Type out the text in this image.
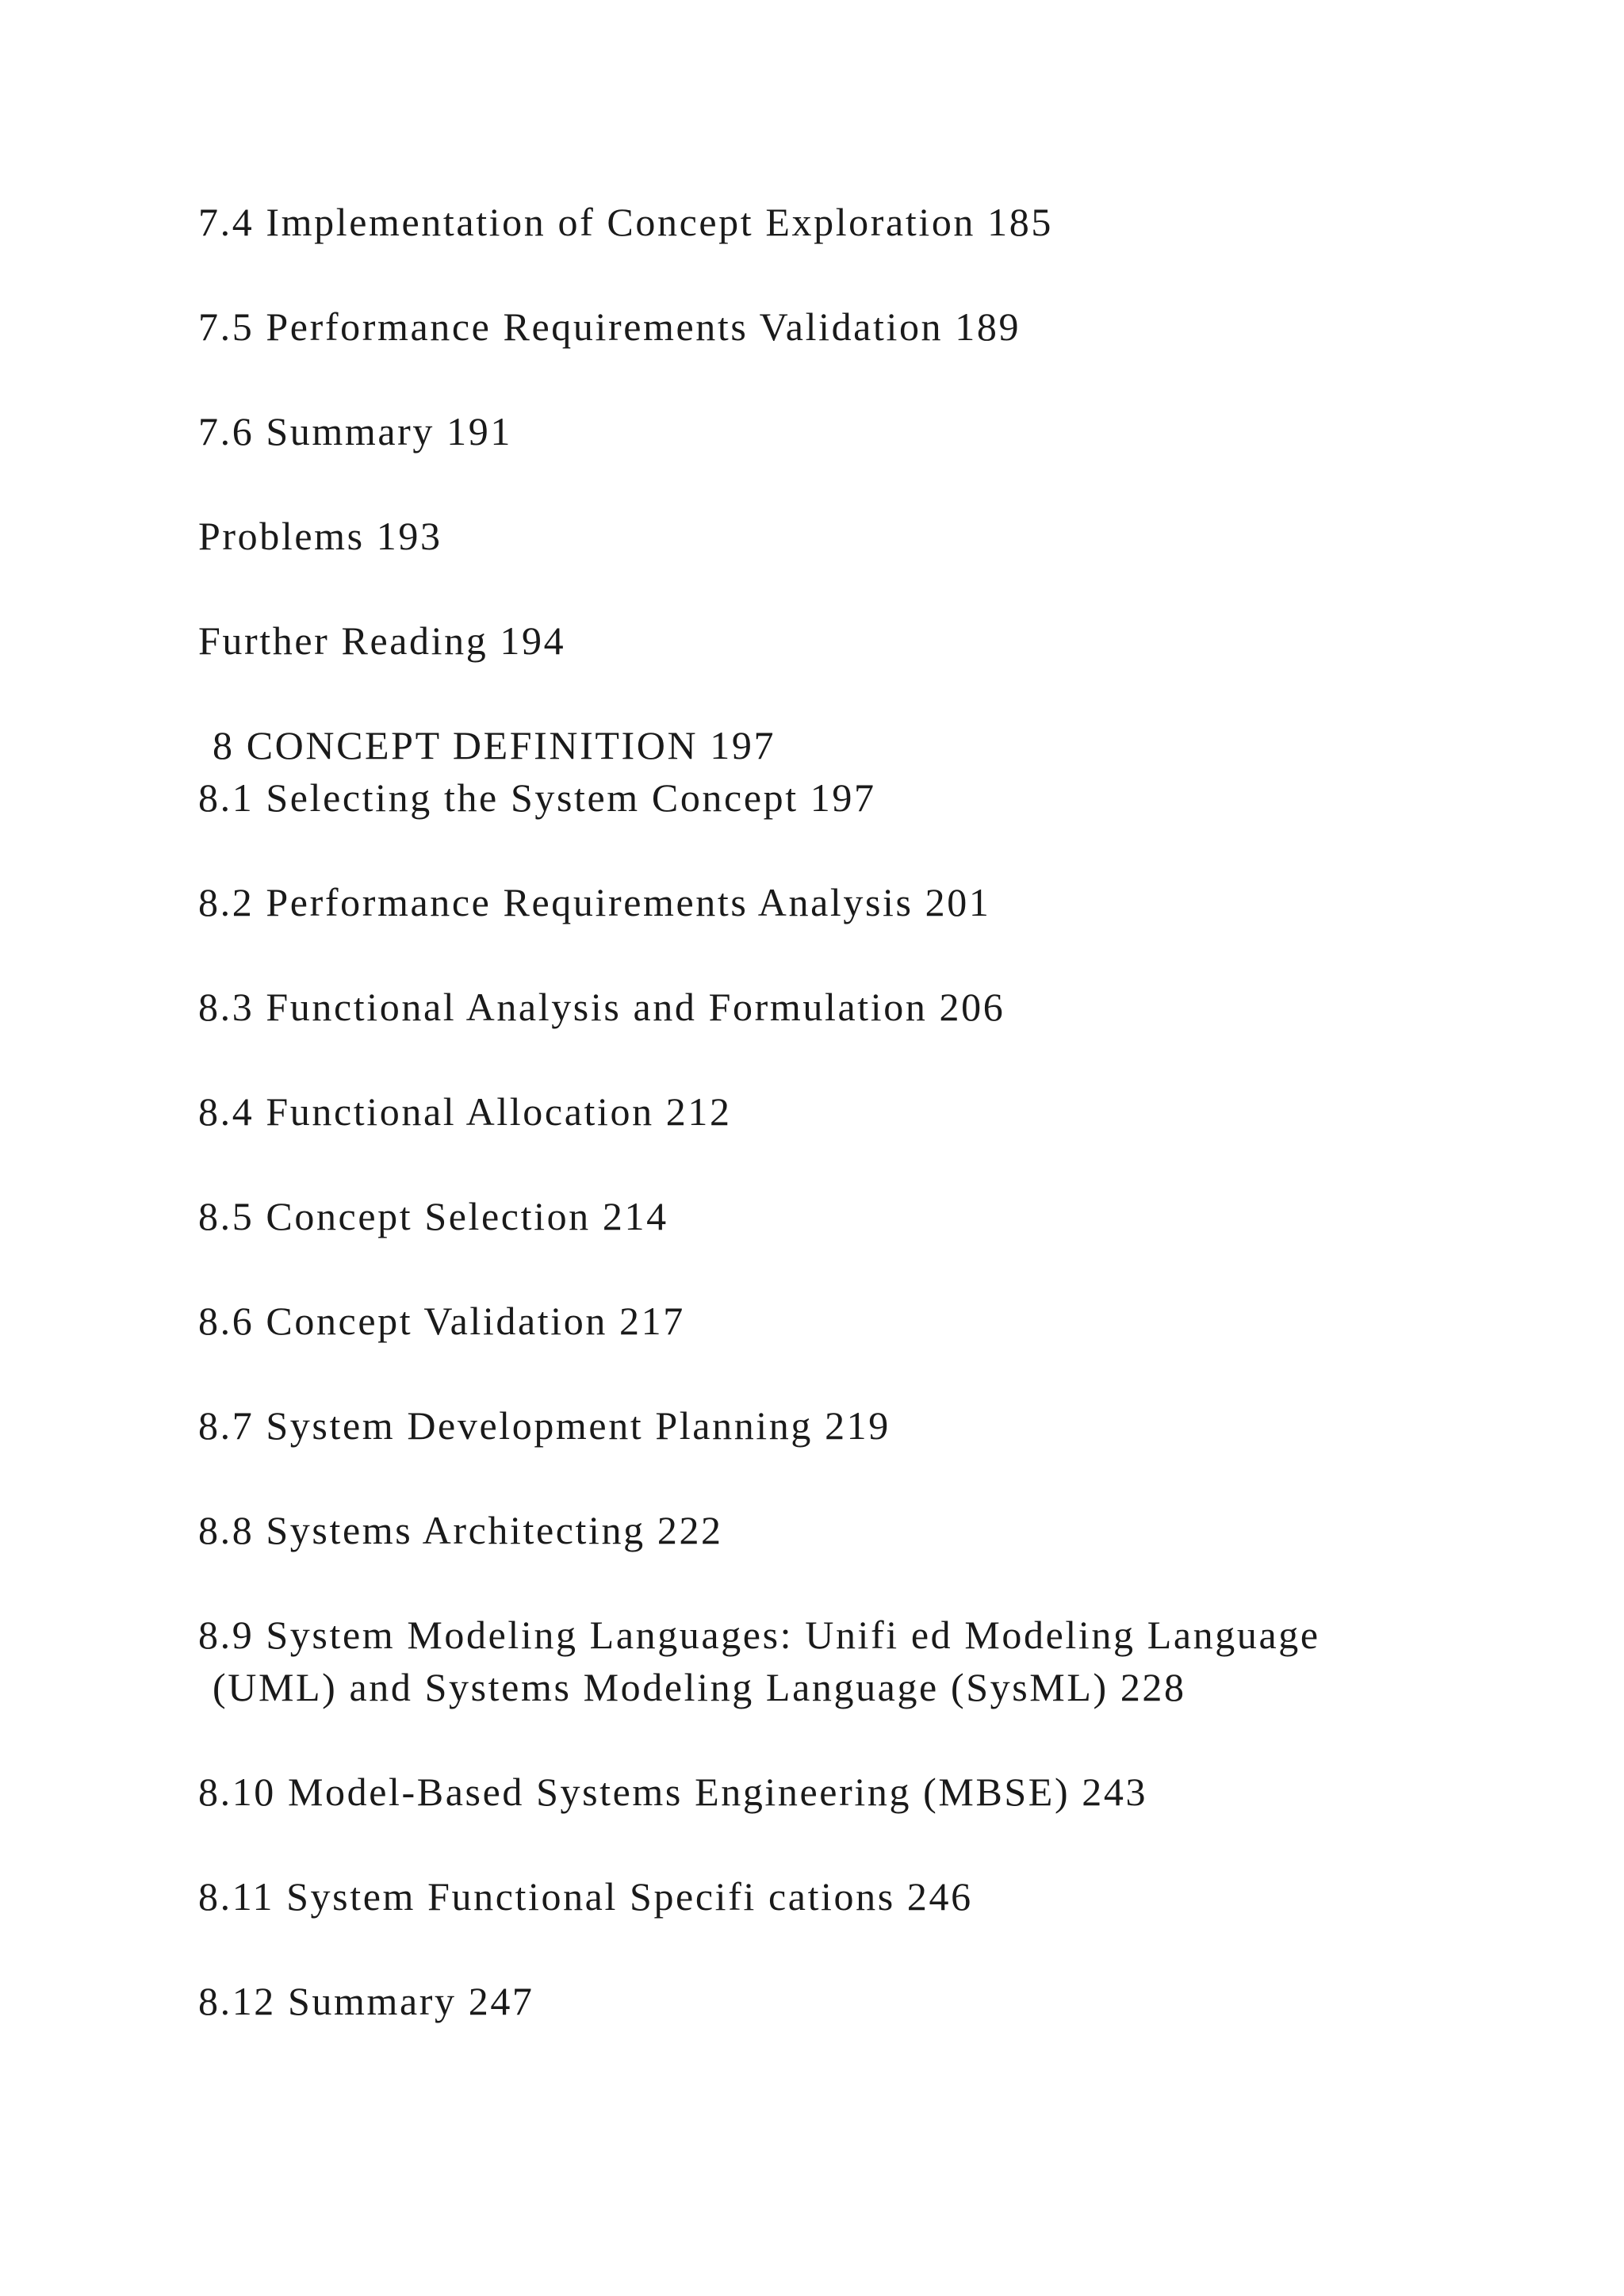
7.4 Implementation of Concept Exploration 185

7.5 Performance Requirements Validation 189

7.6 Summary 191

Problems 193

Further Reading 194

8 CONCEPT DEFINITION 197

8.1 Selecting the System Concept 197

8.2 Performance Requirements Analysis 201

8.3 Functional Analysis and Formulation 206

8.4 Functional Allocation 212

8.5 Concept Selection 214

8.6 Concept Validation 217

8.7 System Development Planning 219

8.8 Systems Architecting 222

8.9 System Modeling Languages: Unifi ed Modeling Language

(UML) and Systems Modeling Language (SysML) 228

8.10 Model-Based Systems Engineering (MBSE) 243

8.11 System Functional Specifi cations 246

8.12 Summary 247
